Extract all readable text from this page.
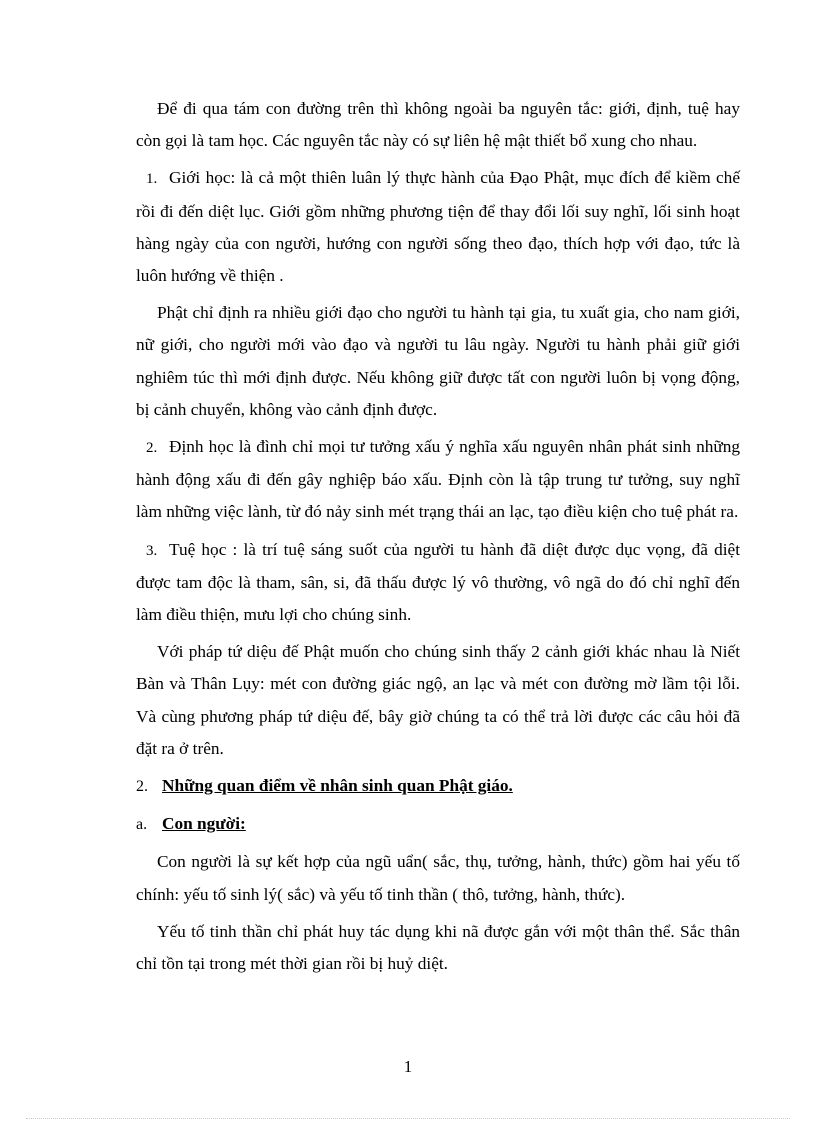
Để đi qua tám con đường trên thì không ngoài ba nguyên tắc: giới, định, tuệ hay còn gọi là tam học. Các nguyên tắc này có sự liên hệ mật thiết bổ xung cho nhau.

1. Giới học: là cả một thiên luân lý thực hành của Đạo Phật, mục đích để kiềm chế rồi đi đến diệt lục. Giới gồm những phương tiện để thay đổi lối suy nghĩ, lối sinh hoạt hàng ngày của con người, hướng con người sống theo đạo, thích hợp với đạo, tức là luôn hướng về thiện .

Phật chỉ định ra nhiều giới đạo cho người tu hành tại gia, tu xuất gia, cho nam giới, nữ giới, cho người mới vào đạo và người tu lâu ngày. Người tu hành phải giữ giới nghiêm túc thì mới định được. Nếu không giữ được tất con người luôn bị vọng động, bị cảnh chuyển, không vào cảnh định được.

2. Định học là đình chỉ mọi tư tưởng xấu ý nghĩa xấu nguyên nhân phát sinh những hành động xấu đi đến gây nghiệp báo xấu. Định còn là tập trung tư tưởng, suy nghĩ làm những việc lành, từ đó nảy sinh mét trạng thái an lạc, tạo điều kiện cho tuệ phát ra.

3. Tuệ học : là trí tuệ sáng suốt của người tu hành đã diệt được dục vọng, đã diệt được tam độc là tham, sân, si, đã thấu được lý vô thường, vô ngã do đó chỉ nghĩ đến làm điều thiện, mưu lợi cho chúng sinh.

Với pháp tứ diệu đế Phật muốn cho chúng sinh thấy 2 cảnh giới khác nhau là Niết Bàn và Thân Lụy: mét con đường giác ngộ, an lạc và mét con đường mờ lầm tội lỗi. Và cùng phương pháp tứ diệu đế, bây giờ chúng ta có thể trả lời được các câu hỏi đã đặt ra ở trên.

2. Những quan điểm về nhân sinh quan Phật giáo.
a. Con người:

Con người là sự kết hợp của ngũ uẩn( sắc, thụ, tưởng, hành, thức) gồm hai yếu tố chính: yếu tố sinh lý( sắc) và yếu tố tinh thần ( thô, tưởng, hành, thức).

Yếu tố tinh thần chỉ phát huy tác dụng khi nã được gắn với một thân thể. Sắc thân chỉ tồn tại trong mét thời gian rồi bị huỷ diệt.

1
